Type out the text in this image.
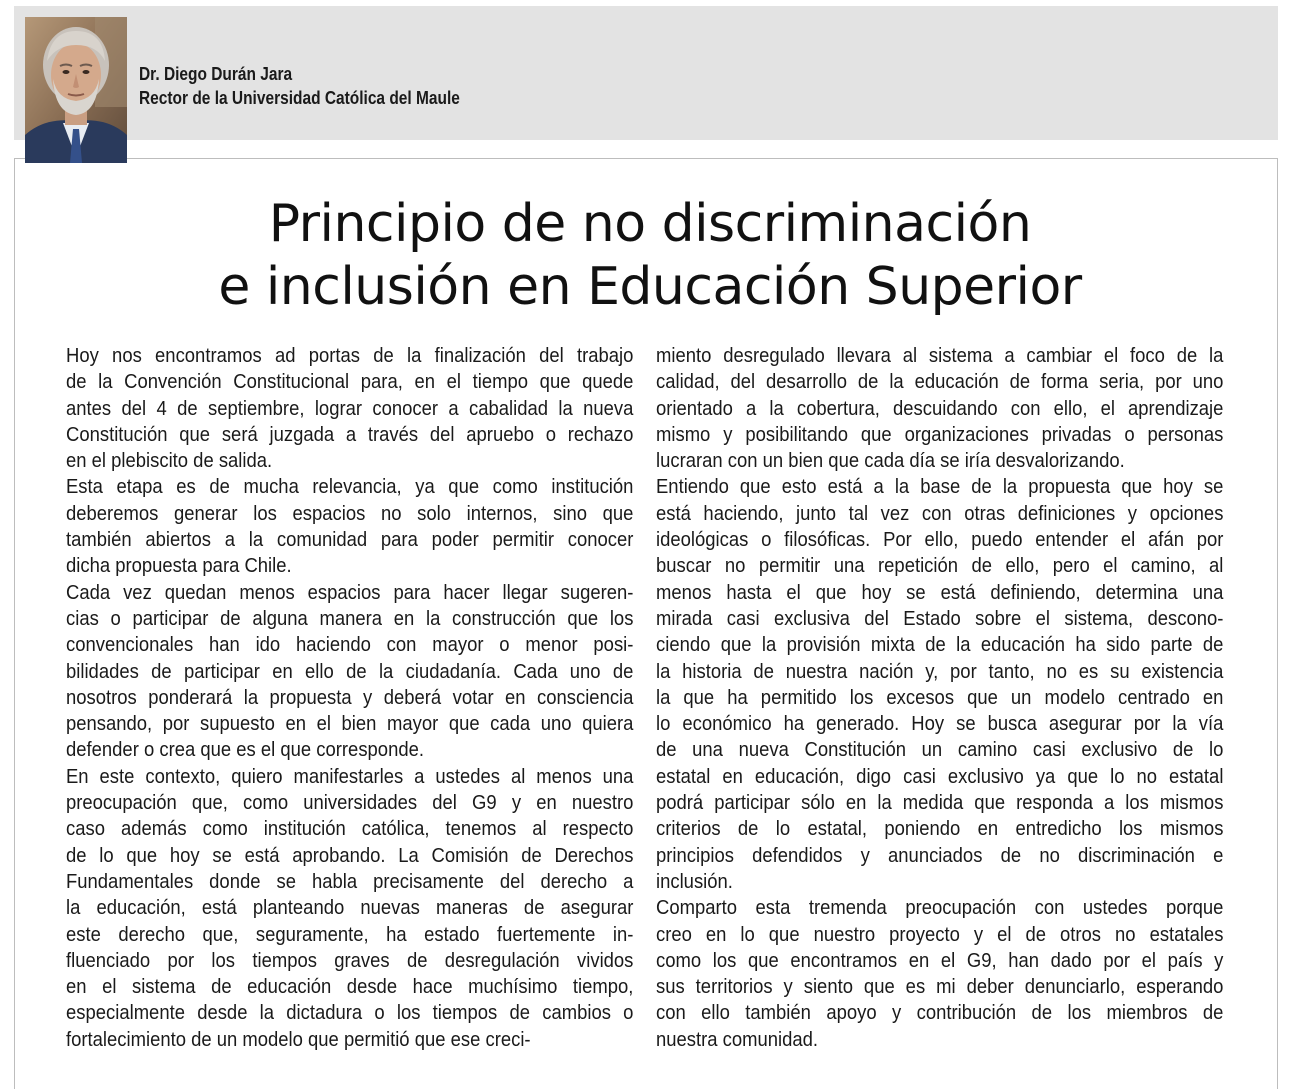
Dr. Diego Durán Jara
Rector de la Universidad Católica del Maule
Principio de no discriminación
e inclusión en Educación Superior

Hoy nos encontramos ad portas de la finalización del trabajo
de la Convención Constitucional para, en el tiempo que quede
antes del 4 de septiembre, lograr conocer a cabalidad la nueva
Constitución que será juzgada a través del apruebo o rechazo
en el plebiscito de salida.

Esta etapa es de mucha relevancia, ya que como institución
deberemos generar los espacios no solo internos, sino que
también abiertos a la comunidad para poder permitir conocer
dicha propuesta para Chile.

Cada vez quedan menos espacios para hacer llegar sugeren-
cias o participar de alguna manera en la construcción que los
convencionales han ido haciendo con mayor o menor posi-
bilidades de participar en ello de la ciudadanía. Cada uno de
nosotros ponderará la propuesta y deberá votar en consciencia
pensando, por supuesto en el bien mayor que cada uno quiera
defender o crea que es el que corresponde.

En este contexto, quiero manifestarles a ustedes al menos una
preocupación que, como universidades del G9 y en nuestro
caso además como institución católica, tenemos al respecto
de lo que hoy se está aprobando. La Comisión de Derechos
Fundamentales donde se habla precisamente del derecho a
la educación, está planteando nuevas maneras de asegurar
este derecho que, seguramente, ha estado fuertemente in-
fluenciado por los tiempos graves de desregulación vividos
en el sistema de educación desde hace muchísimo tiempo,
especialmente desde la dictadura o los tiempos de cambios o
fortalecimiento de un modelo que permitió que ese creci-

miento desregulado llevara al sistema a cambiar el foco de la
calidad, del desarrollo de la educación de forma seria, por uno
orientado a la cobertura, descuidando con ello, el aprendizaje
mismo y posibilitando que organizaciones privadas o personas
lucraran con un bien que cada día se iría desvalorizando.

Entiendo que esto está a la base de la propuesta que hoy se
está haciendo, junto tal vez con otras definiciones y opciones
ideológicas o filosóficas. Por ello, puedo entender el afán por
buscar no permitir una repetición de ello, pero el camino, al
menos hasta el que hoy se está definiendo, determina una
mirada casi exclusiva del Estado sobre el sistema, descono-
ciendo que la provisión mixta de la educación ha sido parte de
la historia de nuestra nación y, por tanto, no es su existencia
la que ha permitido los excesos que un modelo centrado en
lo económico ha generado. Hoy se busca asegurar por la vía
de una nueva Constitución un camino casi exclusivo de lo
estatal en educación, digo casi exclusivo ya que lo no estatal
podrá participar sólo en la medida que responda a los mismos
criterios de lo estatal, poniendo en entredicho los mismos
principios defendidos y anunciados de no discriminación e
inclusión.

Comparto esta tremenda preocupación con ustedes porque
creo en lo que nuestro proyecto y el de otros no estatales
como los que encontramos en el G9, han dado por el país y
sus territorios y siento que es mi deber denunciarlo, esperando
con ello también apoyo y contribución de los miembros de
nuestra comunidad.
